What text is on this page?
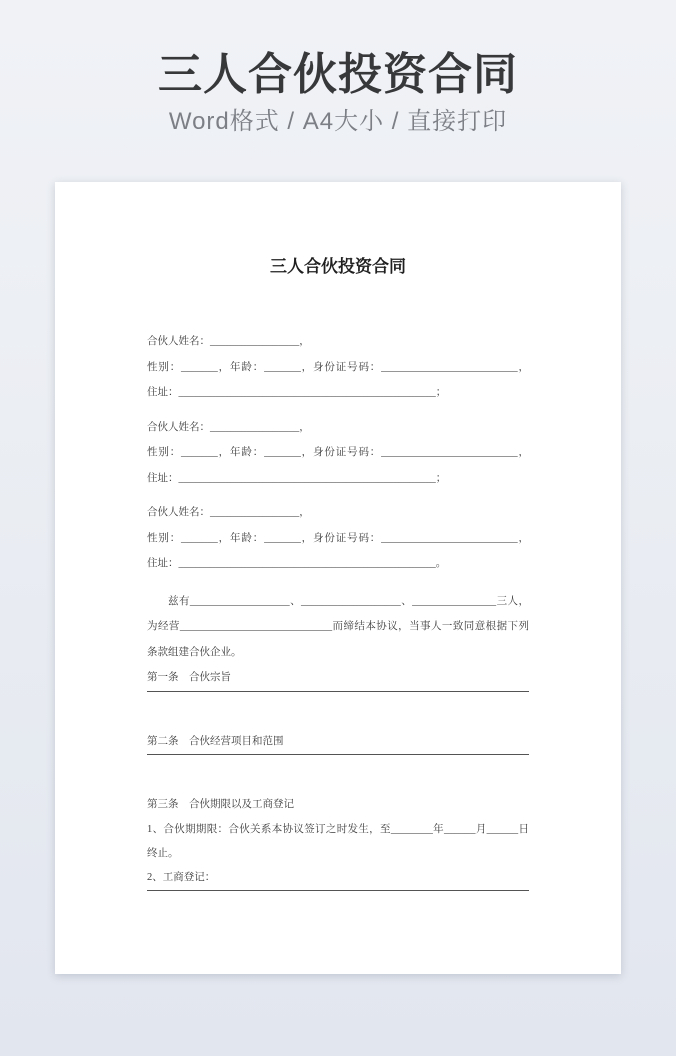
三人合伙投资合同
Word格式 / A4大小 / 直接打印
三人合伙投资合同
合伙人姓名：_________________，
性别：_______，年龄：_______，身份证号码：__________________________，
住址：_________________________________________________；
合伙人姓名：_________________，
性别：_______，年龄：_______，身份证号码：__________________________，
住址：_________________________________________________；
合伙人姓名：_________________，
性别：_______，年龄：_______，身份证号码：__________________________，
住址：_________________________________________________。
兹有___________________、___________________、________________三人，
为经营_____________________________而缔结本协议，当事人一致同意根据下列
条款组建合伙企业。
第一条　合伙宗旨
第二条　合伙经营项目和范围
第三条　合伙期限以及工商登记
1、合伙期期限：合伙关系本协议签订之时发生，至________年______月______日
终止。
2、工商登记：
